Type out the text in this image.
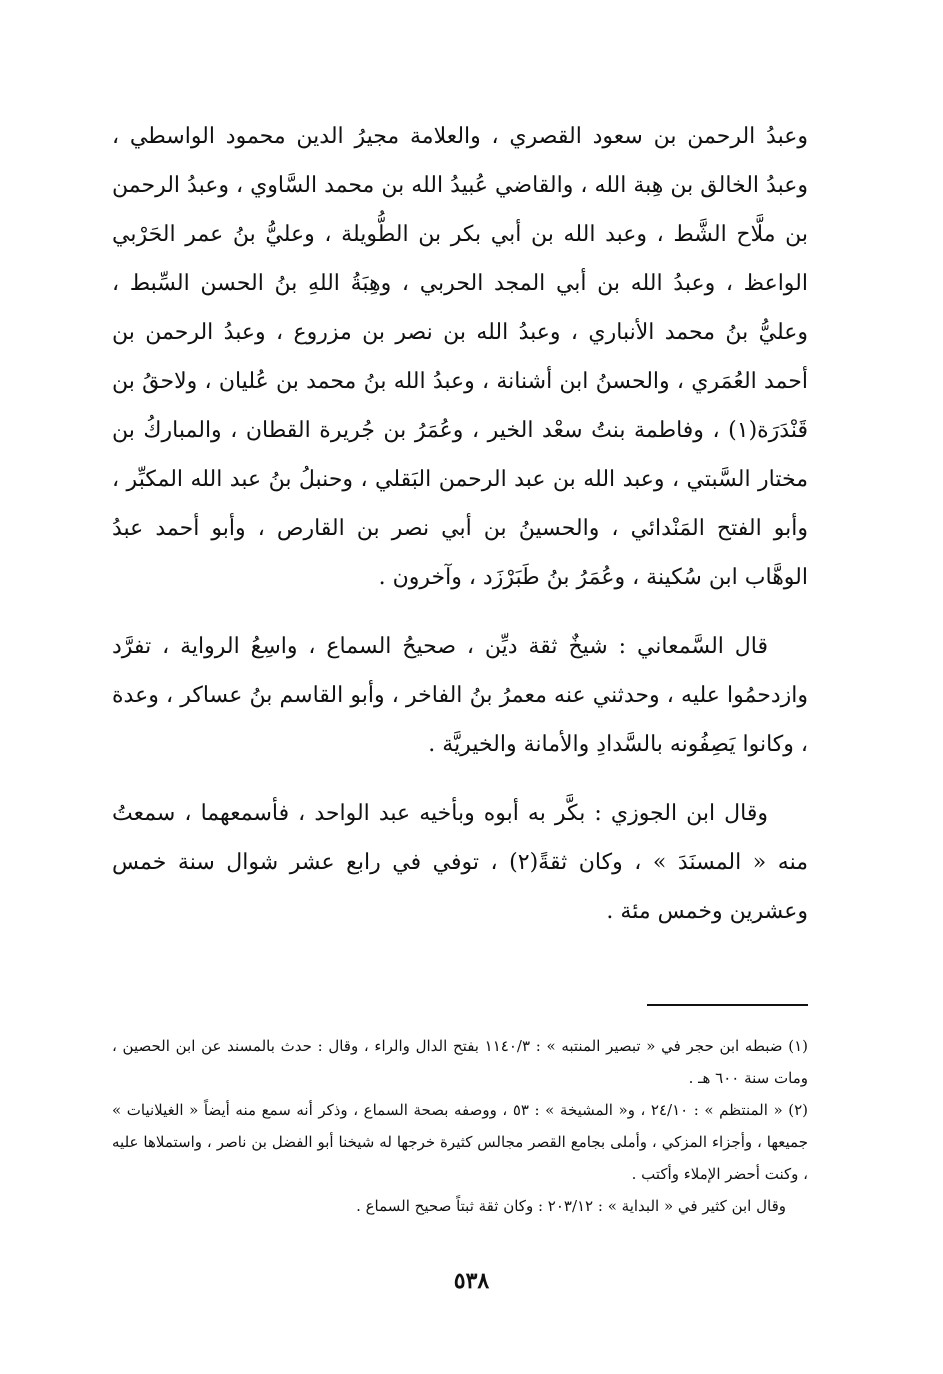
وعبدُ الرحمن بن سعود القصري ، والعلامة مجيرُ الدين محمود الواسطي ، وعبدُ الخالق بن هِبة الله ، والقاضي عُبيدُ الله بن محمد السَّاوي ، وعبدُ الرحمن بن ملَّاح الشَّط ، وعبد الله بن أبي بكر بن الطُّويلة ، وعليُّ بنُ عمر الحَرْبي الواعظ ، وعبدُ الله بن أبي المجد الحربي ، وهِبَةُ اللهِ بنُ الحسن السِّبط ، وعليُّ بنُ محمد الأنباري ، وعبدُ الله بن نصر بن مزروع ، وعبدُ الرحمن بن أحمد العُمَري ، والحسنُ ابن أشنانة ، وعبدُ الله بنُ محمد بن عُليان ، ولاحقُ بن قَنْدَرَة(١) ، وفاطمة بنتُ سعْد الخير ، وعُمَرُ بن جُريرة القطان ، والمباركُ بن مختار السَّبتي ، وعبد الله بن عبد الرحمن البَقلي ، وحنبلُ بنُ عبد الله المكبِّر ، وأبو الفتح المَنْدائي ، والحسينُ بن أبي نصر بن القارص ، وأبو أحمد عبدُ الوهَّاب ابن سُكينة ، وعُمَرُ بنُ طَبَرْزَد ، وآخرون .

قال السَّمعاني : شيخٌ ثقة ديِّن ، صحيحُ السماع ، واسِعُ الرواية ، تفرَّد وازدحمُوا عليه ، وحدثني عنه معمرُ بنُ الفاخر ، وأبو القاسم بنُ عساكر ، وعدة ، وكانوا يَصِفُونه بالسَّدادِ والأمانة والخيريَّة .

وقال ابن الجوزي : بكَّر به أبوه وبأخيه عبد الواحد ، فأسمعهما ، سمعتُ منه « المسنَدَ » ، وكان ثقةً(٢) ، توفي في رابع عشر شوال سنة خمس وعشرين وخمس مئة .

(١) ضبطه ابن حجر في « تبصير المنتبه » : ١١٤٠/٣ بفتح الدال والراء ، وقال : حدث بالمسند عن ابن الحصين ، ومات سنة ٦٠٠ هـ .

(٢) « المنتظم » : ٢٤/١٠ ، و« المشيخة » : ٥٣ ، ووصفه بصحة السماع ، وذكر أنه سمع منه أيضاً « الغيلانيات » جميعها ، وأجزاء المزكي ، وأملى بجامع القصر مجالس كثيرة خرجها له شيخنا أبو الفضل بن ناصر ، واستملاها عليه ، وكنت أحضر الإملاء وأكتب .

وقال ابن كثير في « البداية » : ٢٠٣/١٢ : وكان ثقة ثبتاً صحيح السماع .

٥٣٨
